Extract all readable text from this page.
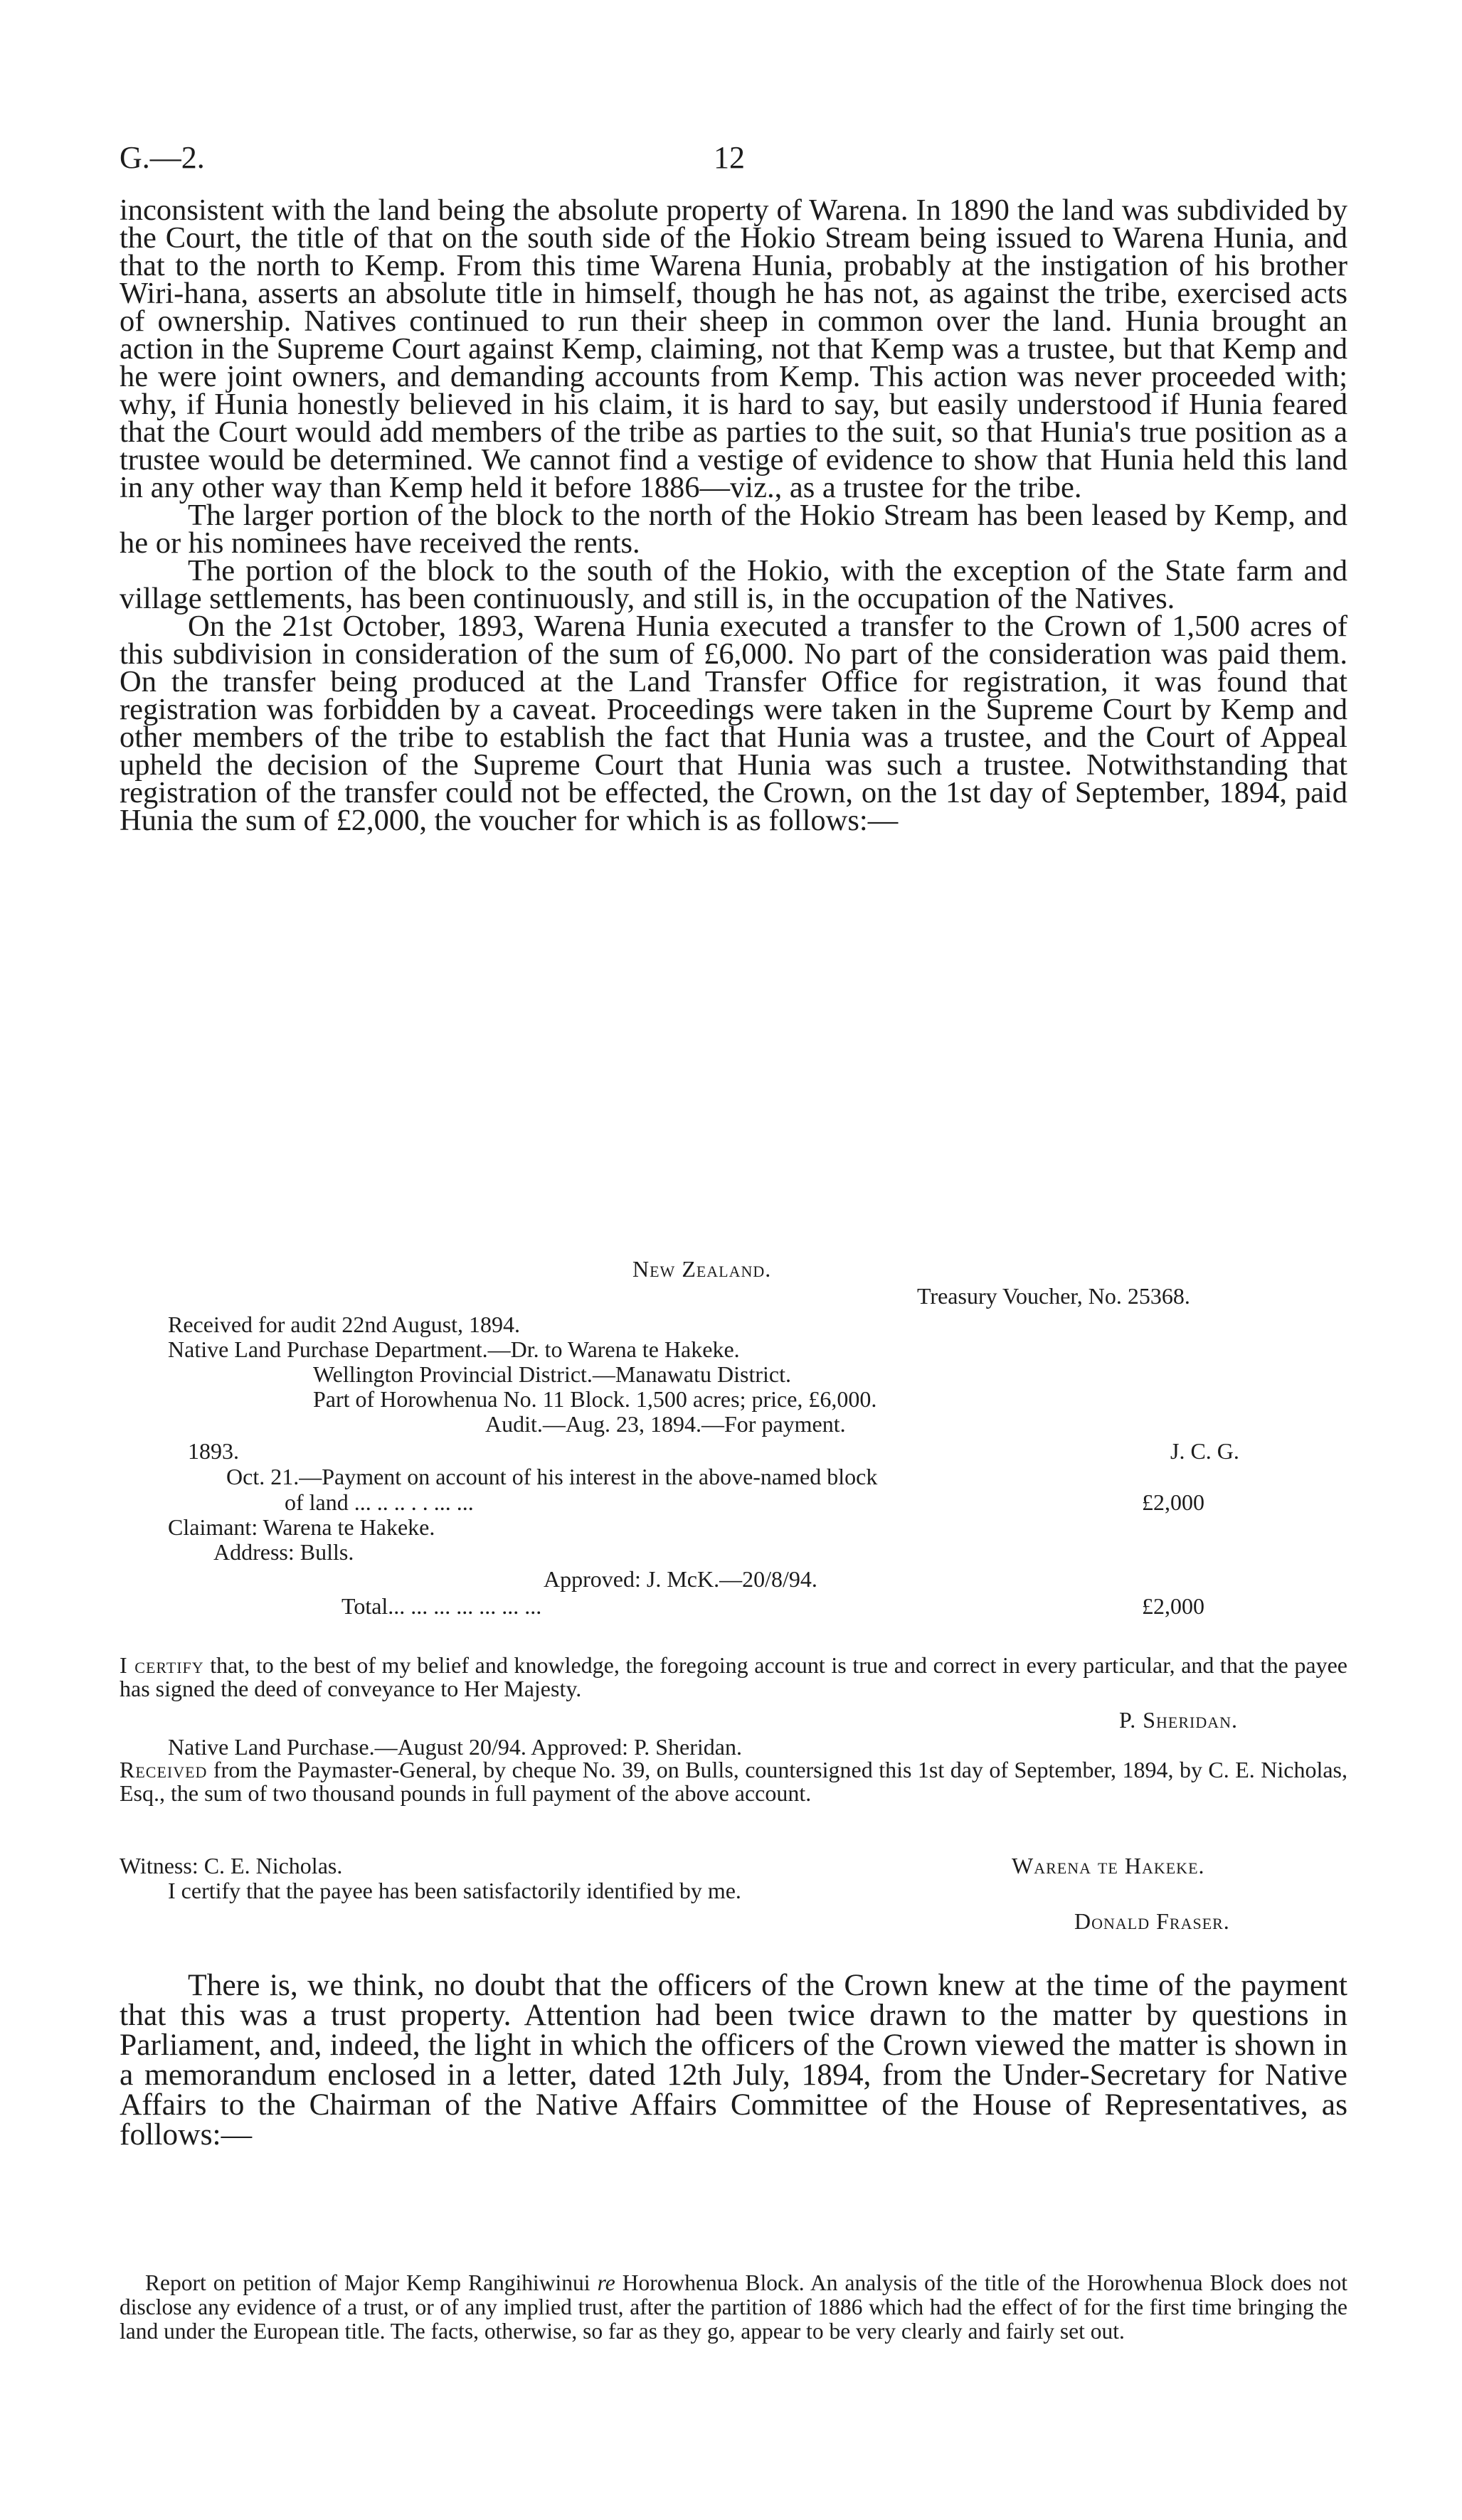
G.—2.	12

inconsistent with the land being the absolute property of Warena. In 1890 the land was subdivided by the Court, the title of that on the south side of the Hokio Stream being issued to Warena Hunia, and that to the north to Kemp. From this time Warena Hunia, probably at the instigation of his brother Wiri-hana, asserts an absolute title in himself, though he has not, as against the tribe, exercised acts of ownership. Natives continued to run their sheep in common over the land. Hunia brought an action in the Supreme Court against Kemp, claiming, not that Kemp was a trustee, but that Kemp and he were joint owners, and demanding accounts from Kemp. This action was never proceeded with; why, if Hunia honestly believed in his claim, it is hard to say, but easily understood if Hunia feared that the Court would add members of the tribe as parties to the suit, so that Hunia's true position as a trustee would be determined. We cannot find a vestige of evidence to show that Hunia held this land in any other way than Kemp held it before 1886—viz., as a trustee for the tribe.

The larger portion of the block to the north of the Hokio Stream has been leased by Kemp, and he or his nominees have received the rents.

The portion of the block to the south of the Hokio, with the exception of the State farm and village settlements, has been continuously, and still is, in the occupation of the Natives.

On the 21st October, 1893, Warena Hunia executed a transfer to the Crown of 1,500 acres of this subdivision in consideration of the sum of £6,000. No part of the consideration was paid them. On the transfer being produced at the Land Transfer Office for registration, it was found that registration was forbidden by a caveat. Proceedings were taken in the Supreme Court by Kemp and other members of the tribe to establish the fact that Hunia was a trustee, and the Court of Appeal upheld the decision of the Supreme Court that Hunia was such a trustee. Notwithstanding that registration of the transfer could not be effected, the Crown, on the 1st day of September, 1894, paid Hunia the sum of £2,000, the voucher for which is as follows:—

New Zealand.
Treasury Voucher, No. 25368.
Received for audit 22nd August, 1894.
Native Land Purchase Department.—Dr. to Warena te Hakeke.
Wellington Provincial District.—Manawatu District.
Part of Horowhenua No. 11 Block. 1,500 acres; price, £6,000.
Audit.—Aug. 23, 1894.—For payment.
1893.	J. C. G.
Oct. 21.—Payment on account of his interest in the above-named block
of land ... .. .. . . ... ...	£2,000
Claimant: Warena te Hakeke.
Address: Bulls.
Approved: J. McK.—20/8/94.
Total... ... ... ... ... ... ...	£2,000
I certify that, to the best of my belief and knowledge, the foregoing account is true and correct in every particular, and that the payee has signed the deed of conveyance to Her Majesty.
P. Sheridan.
Native Land Purchase.—August 20/94. Approved: P. Sheridan.
Received from the Paymaster-General, by cheque No. 39, on Bulls, countersigned this 1st day of September, 1894, by C. E. Nicholas, Esq., the sum of two thousand pounds in full payment of the above account.
Witness: C. E. Nicholas.	Warena te Hakeke.
I certify that the payee has been satisfactorily identified by me.
Donald Fraser.

There is, we think, no doubt that the officers of the Crown knew at the time of the payment that this was a trust property. Attention had been twice drawn to the matter by questions in Parliament, and, indeed, the light in which the officers of the Crown viewed the matter is shown in a memorandum enclosed in a letter, dated 12th July, 1894, from the Under-Secretary for Native Affairs to the Chairman of the Native Affairs Committee of the House of Representatives, as follows:—

Report on petition of Major Kemp Rangihiwinui re Horowhenua Block. An analysis of the title of the Horowhenua Block does not disclose any evidence of a trust, or of any implied trust, after the partition of 1886 which had the effect of for the first time bringing the land under the European title. The facts, otherwise, so far as they go, appear to be very clearly and fairly set out.
